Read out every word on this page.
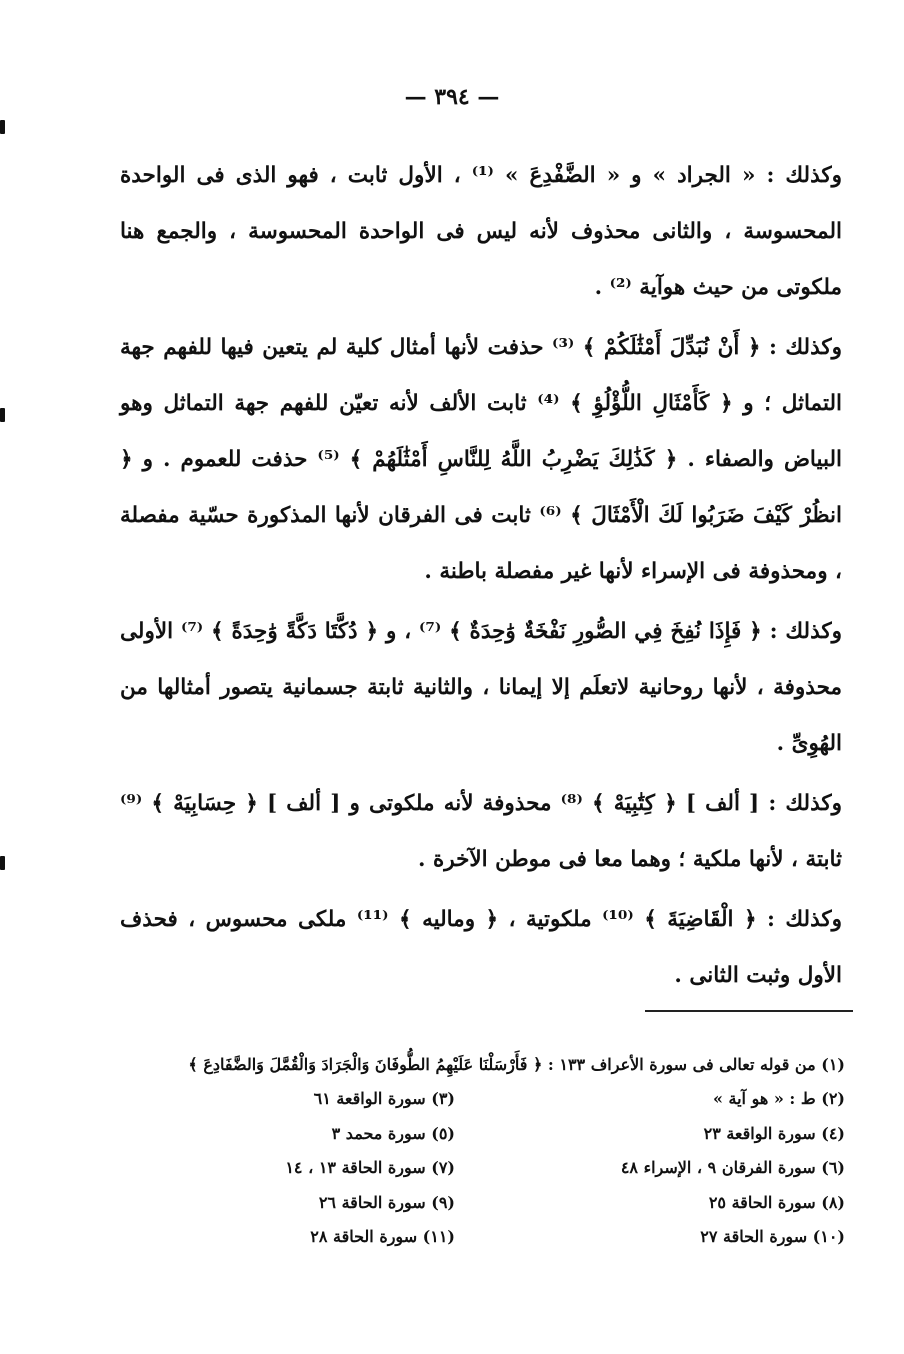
— ٣٩٤ —

وكذلك : « الجراد » و « الضَّفْدِعَ » ⁽¹⁾ ، الأول ثابت ، فهو الذى فى الواحدة المحسوسة ، والثانى محذوف لأنه ليس فى الواحدة المحسوسة ، والجمع هنا ملكوتى من حيث هوآية ⁽²⁾ .

وكذلك : ﴿ أَنْ نُبَدِّلَ أَمْثَٰلَكُمْ ﴾ ⁽³⁾ حذفت لأنها أمثال كلية لم يتعين فيها للفهم جهة التماثل ؛ و ﴿ كَأَمْثَالِ اللُّؤْلُؤِ ﴾ ⁽⁴⁾ ثابت الألف لأنه تعيّن للفهم جهة التماثل وهو البياض والصفاء . ﴿ كَذَٰلِكَ يَضْرِبُ اللَّهُ لِلنَّاسِ أَمْثَٰلَهُمْ ﴾ ⁽⁵⁾ حذفت للعموم . و ﴿ انظُرْ كَيْفَ ضَرَبُوا لَكَ الْأَمْثَالَ ﴾ ⁽⁶⁾ ثابت فى الفرقان لأنها المذكورة حسّية مفصلة ، ومحذوفة فى الإسراء لأنها غير مفصلة باطنة .

وكذلك : ﴿ فَإِذَا نُفِخَ فِي الصُّورِ نَفْخَةٌ وَٰحِدَةٌ ﴾ ⁽⁷⁾ ، و ﴿ دُكَّتَا دَكَّةً وَٰحِدَةً ﴾ ⁽⁷⁾ الأولى محذوفة ، لأنها روحانية لاتعلَم إلا إيمانا ، والثانية ثابتة جسمانية يتصور أمثالها من الهُوِىِّ .

وكذلك : [ ألف ] ﴿ كِتَٰبِيَهْ ﴾ ⁽⁸⁾ محذوفة لأنه ملكوتى و [ ألف ] ﴿ حِسَابِيَهْ ﴾ ⁽⁹⁾ ثابتة ، لأنها ملكية ؛ وهما معا فى موطن الآخرة .

وكذلك : ﴿ الْقَاضِيَةَ ﴾ ⁽¹⁰⁾ ملكوتية ، ﴿ وماليه ﴾ ⁽¹¹⁾ ملكى محسوس ، فحذف الأول وثبت الثانى .

(١) من قوله تعالى فى سورة الأعراف ١٣٣ : ﴿ فَأَرْسَلْنَا عَلَيْهِمُ الطُّوفَانَ وَالْجَرَادَ وَالْقُمَّلَ وَالضَّفَادِعَ ﴾
(٢) ط : « هو آية »
(٣) سورة الواقعة ٦١
(٤) سورة الواقعة ٢٣
(٥) سورة محمد ٣
(٦) سورة الفرقان ٩ ، الإسراء ٤٨
(٧) سورة الحاقة ١٣ ، ١٤
(٨) سورة الحاقة ٢٥
(٩) سورة الحاقة ٢٦
(١٠) سورة الحاقة ٢٧
(١١) سورة الحاقة ٢٨
